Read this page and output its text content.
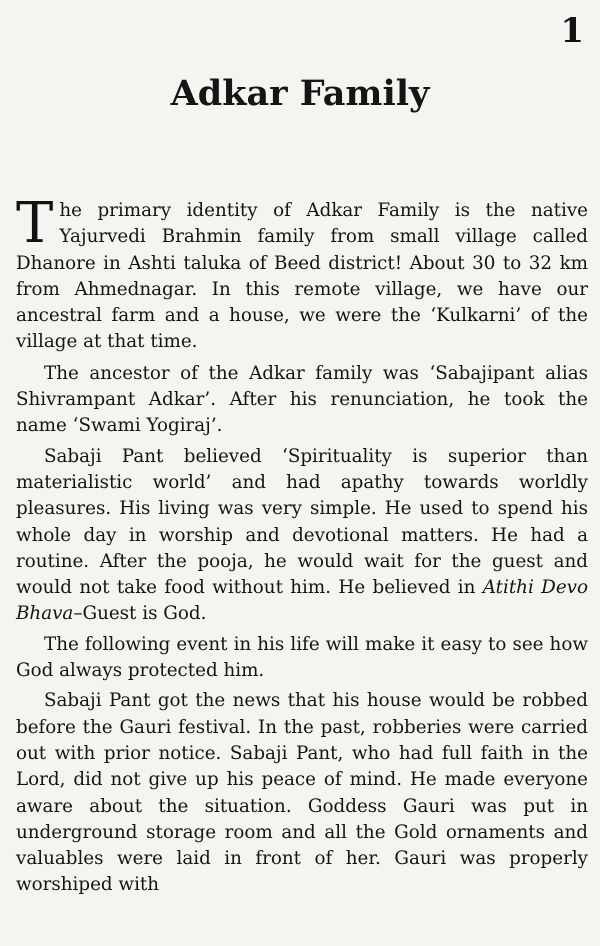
1
Adkar Family

The primary identity of Adkar Family is the native Yajurvedi Brahmin family from small village called Dhanore in Ashti taluka of Beed district! About 30 to 32 km from Ahmednagar. In this remote village, we have our ancestral farm and a house, we were the ‘Kulkarni’ of the village at that time.

The ancestor of the Adkar family was ‘Sabajipant alias Shivrampant Adkar’. After his renunciation, he took the name ‘Swami Yogiraj’.

Sabaji Pant believed ‘Spirituality is superior than materialistic world’ and had apathy towards worldly pleasures. His living was very simple. He used to spend his whole day in worship and devotional matters. He had a routine. After the pooja, he would wait for the guest and would not take food without him. He believed in Atithi Devo Bhava–Guest is God.

The following event in his life will make it easy to see how God always protected him.

Sabaji Pant got the news that his house would be robbed before the Gauri festival. In the past, robberies were carried out with prior notice. Sabaji Pant, who had full faith in the Lord, did not give up his peace of mind. He made everyone aware about the situation. Goddess Gauri was put in underground storage room and all the Gold ornaments and valuables were laid in front of her. Gauri was properly worshiped with
